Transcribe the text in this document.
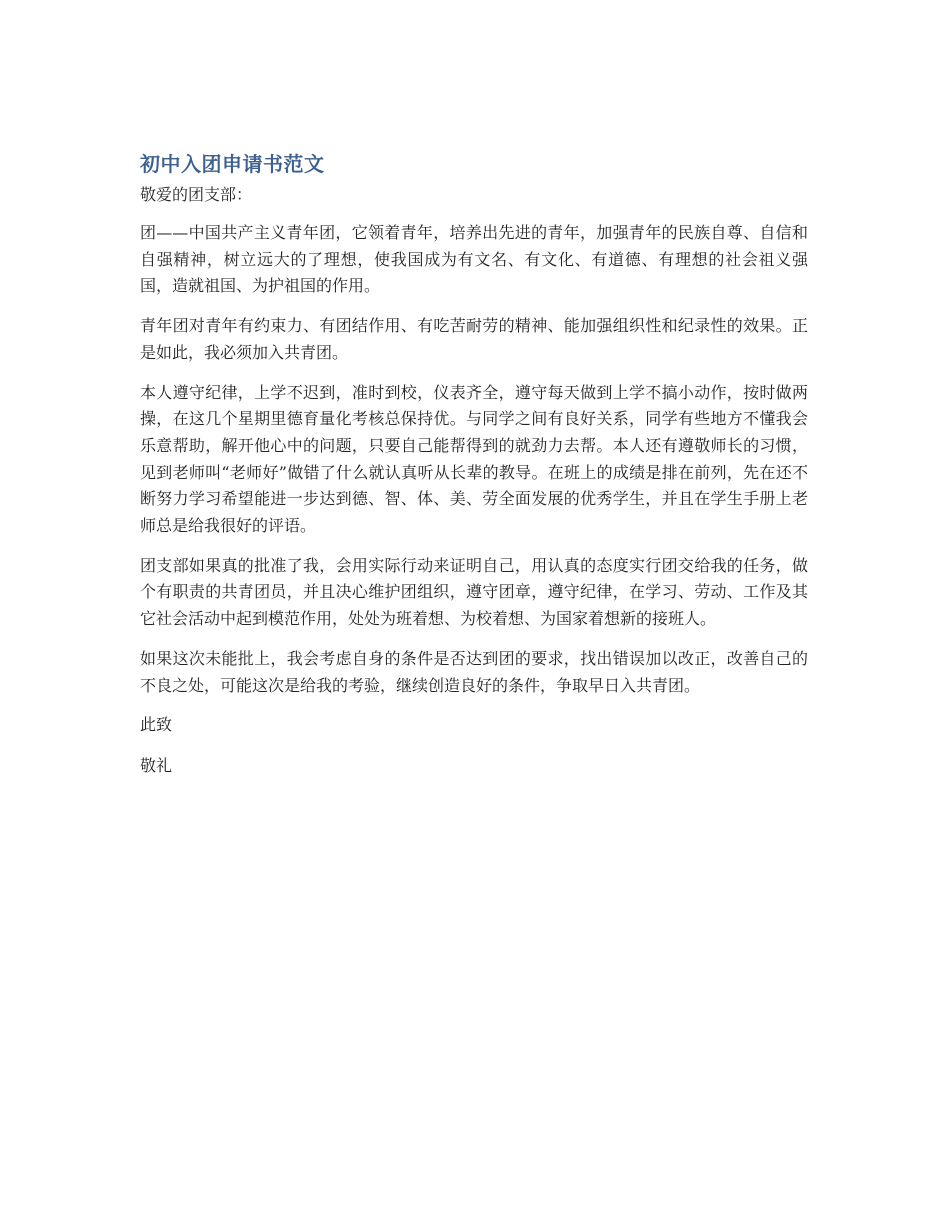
初中入团申请书范文

敬爱的团支部：

团——中国共产主义青年团，它领着青年，培养出先进的青年，加强青年的民族自尊、自信和自强精神，树立远大的了理想，使我国成为有文名、有文化、有道德、有理想的社会祖义强国，造就祖国、为护祖国的作用。

青年团对青年有约束力、有团结作用、有吃苦耐劳的精神、能加强组织性和纪录性的效果。正是如此，我必须加入共青团。

本人遵守纪律，上学不迟到，准时到校，仪表齐全，遵守每天做到上学不搞小动作，按时做两操，在这几个星期里德育量化考核总保持优。与同学之间有良好关系，同学有些地方不懂我会乐意帮助，解开他心中的问题，只要自己能帮得到的就劲力去帮。本人还有遵敬师长的习惯，见到老师叫“老师好”做错了什么就认真听从长辈的教导。在班上的成绩是排在前列，先在还不断努力学习希望能进一步达到德、智、体、美、劳全面发展的优秀学生，并且在学生手册上老师总是给我很好的评语。

团支部如果真的批准了我，会用实际行动来证明自己，用认真的态度实行团交给我的任务，做个有职责的共青团员，并且决心维护团组织，遵守团章，遵守纪律，在学习、劳动、工作及其它社会活动中起到模范作用，处处为班着想、为校着想、为国家着想新的接班人。

如果这次未能批上，我会考虑自身的条件是否达到团的要求，找出错误加以改正，改善自己的不良之处，可能这次是给我的考验，继续创造良好的条件，争取早日入共青团。

此致

敬礼
